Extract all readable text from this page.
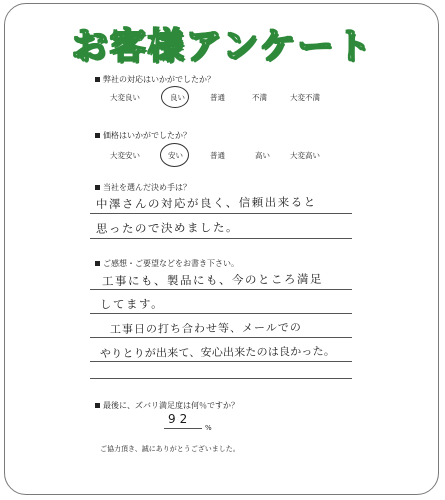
お客様アンケート
弊社の対応はいかがでしたか？
大変良い	良い	普通	不満	大変不満
価格はいかがでしたか？
大変安い	安い	普通	高い	大変高い
当社を選んだ決め手は？
中澤さんの対応が良く、信頼出来ると
思ったので決めました。
ご感想・ご要望などをお書き下さい。
工事にも、製品にも、今のところ満足
してます。
工事日の打ち合わせ等、メールでの
やりとりが出来て、安心出来たのは良かった。
最後に、ズバリ満足度は何％ですか？
92
%
ご協力頂き、誠にありがとうございました。
